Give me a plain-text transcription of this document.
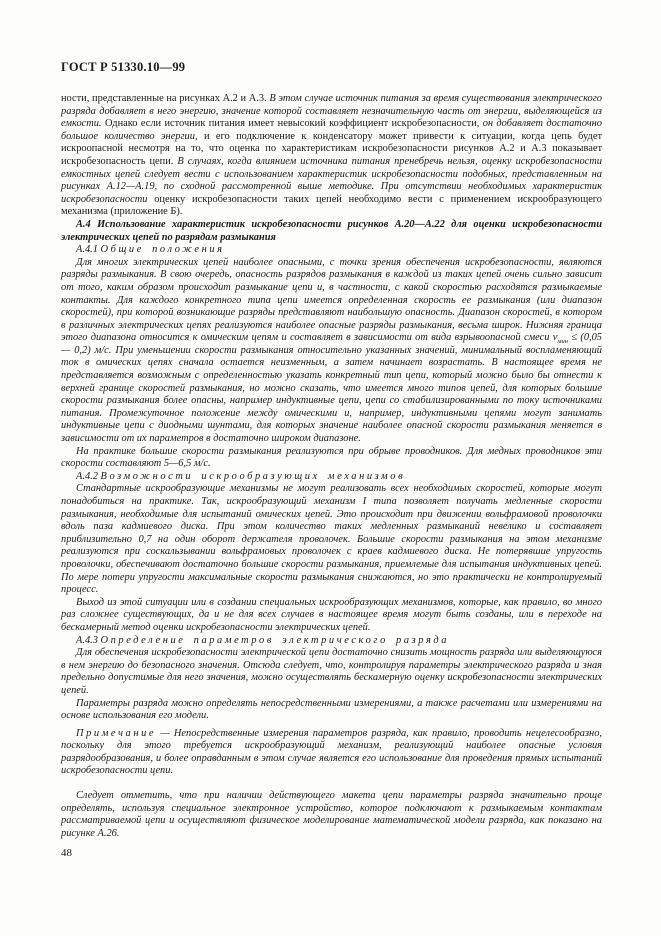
ГОСТ Р 51330.10—99

ности, представленные на рисунках А.2 и А.3. В этом случае источник питания за время существования электрического разряда добавляет в него энергию, значение которой составляет незначительную часть от энергии, выделяющейся из емкости. Однако если источник питания имеет невысокий коэффициент искробезопасности, он добавляет достаточно большое количество энергии, и его подключение к конденсатору может привести к ситуации, когда цепь будет искроопасной несмотря на то, что оценка по характеристикам искробезопасности рисунков А.2 и А.3 показывает искробезопасность цепи. В случаях, когда влиянием источника питания пренебречь нельзя, оценку искробезопасности емкостных цепей следует вести с использованием характеристик искробезопасности подобных, представленным на рисунках А.12—А.19, по сходной рассмотренной выше методике. При отсутствии необходимых характеристик искробезопасности оценку искробезопасности таких цепей необходимо вести с применением искрообразующего механизма (приложение Б).

А.4 Использование характеристик искробезопасности рисунков А.20—А.22 для оценки искробезопасности электрических цепей по разрядам размыкания

А.4.1 Общие положения

Для многих электрических цепей наиболее опасными, с точки зрения обеспечения искробезопасности, являются разряды размыкания. В свою очередь, опасность разрядов размыкания в каждой из таких цепей очень сильно зависит от того, каким образом происходит размыкание цепи и, в частности, с какой скоростью расходятся размыкаемые контакты. Для каждого конкретного типа цепи имеется определенная скорость ее размыкания (или диапазон скоростей), при которой возникающие разряды представляют наибольшую опасность. Диапазон скоростей, в котором в различных электрических цепях реализуются наиболее опасные разряды размыкания, весьма широк. Нижняя граница этого диапазона относится к омическим цепям и составляет в зависимости от вида взрывоопасной смеси $v_{мин} \le (0,05$ — 0,2) м/с. При уменьшении скорости размыкания относительно указанных значений, минимальный воспламеняющий ток в омических цепях сначала остается неизменным, а затем начинает возрастать. В настоящее время не представляется возможным с определенностью указать конкретный тип цепи, который можно было бы отнести к верхней границе скоростей размыкания, но можно сказать, что имеется много типов цепей, для которых большие скорости размыкания более опасны, например индуктивные цепи, цепи со стабилизированными по току источниками питания. Промежуточное положение между омическими и, например, индуктивными цепями могут занимать индуктивные цепи с диодными шунтами, для которых значение наиболее опасной скорости размыкания меняется в зависимости от их параметров в достаточно широком диапазоне.

На практике большие скорости размыкания реализуются при обрыве проводников. Для медных проводников эти скорости составляют 5—6,5 м/с.

А.4.2 Возможности искрообразующих механизмов

Стандартные искрообразующие механизмы не могут реализовать всех необходимых скоростей, которые могут понадобиться на практике. Так, искрообразующий механизм I типа позволяет получать медленные скорости размыкания, необходимые для испытаний омических цепей. Это происходит при движении вольфрамовой проволочки вдоль паза кадмиевого диска. При этом количество таких медленных размыканий невелико и составляет приблизительно 0,7 на один оборот держателя проволочек. Большие скорости размыкания на этом механизме реализуются при соскальзывании вольфрамовых проволочек с краев кадмиевого диска. Не потерявшие упругость проволочки, обеспечивают достаточно большие скорости размыкания, приемлемые для испытания индуктивных цепей. По мере потери упругости максимальные скорости размыкания снижаются, но это практически не контролируемый процесс.

Выход из этой ситуации или в создании специальных искрообразующих механизмов, которые, как правило, во много раз сложнее существующих, да и не для всех случаев в настоящее время могут быть созданы, или в переходе на бескамерный метод оценки искробезопасности электрических цепей.

А.4.3 Определение параметров электрического разряда

Для обеспечения искробезопасности электрической цепи достаточно снизить мощность разряда или выделяющуюся в нем энергию до безопасного значения. Отсюда следует, что, контролируя параметры электрического разряда и зная предельно допустимые для него значения, можно осуществлять бескамерную оценку искробезопасности электрических цепей.

Параметры разряда можно определять непосредственными измерениями, а также расчетами или измерениями на основе использования его модели.

Примечание — Непосредственные измерения параметров разряда, как правило, проводить нецелесообразно, поскольку для этого требуется искрообразующий механизм, реализующий наиболее опасные условия разрядообразования, и более оправданным в этом случае является его использование для проведения прямых испытаний искробезопасности цепи.

Следует отметить, что при наличии действующего макета цепи параметры разряда значительно проще определять, используя специальное электронное устройство, которое подключают к размыкаемым контактам рассматриваемой цепи и осуществляют физическое моделирование математической модели разряда, как показано на рисунке А.26.

48
